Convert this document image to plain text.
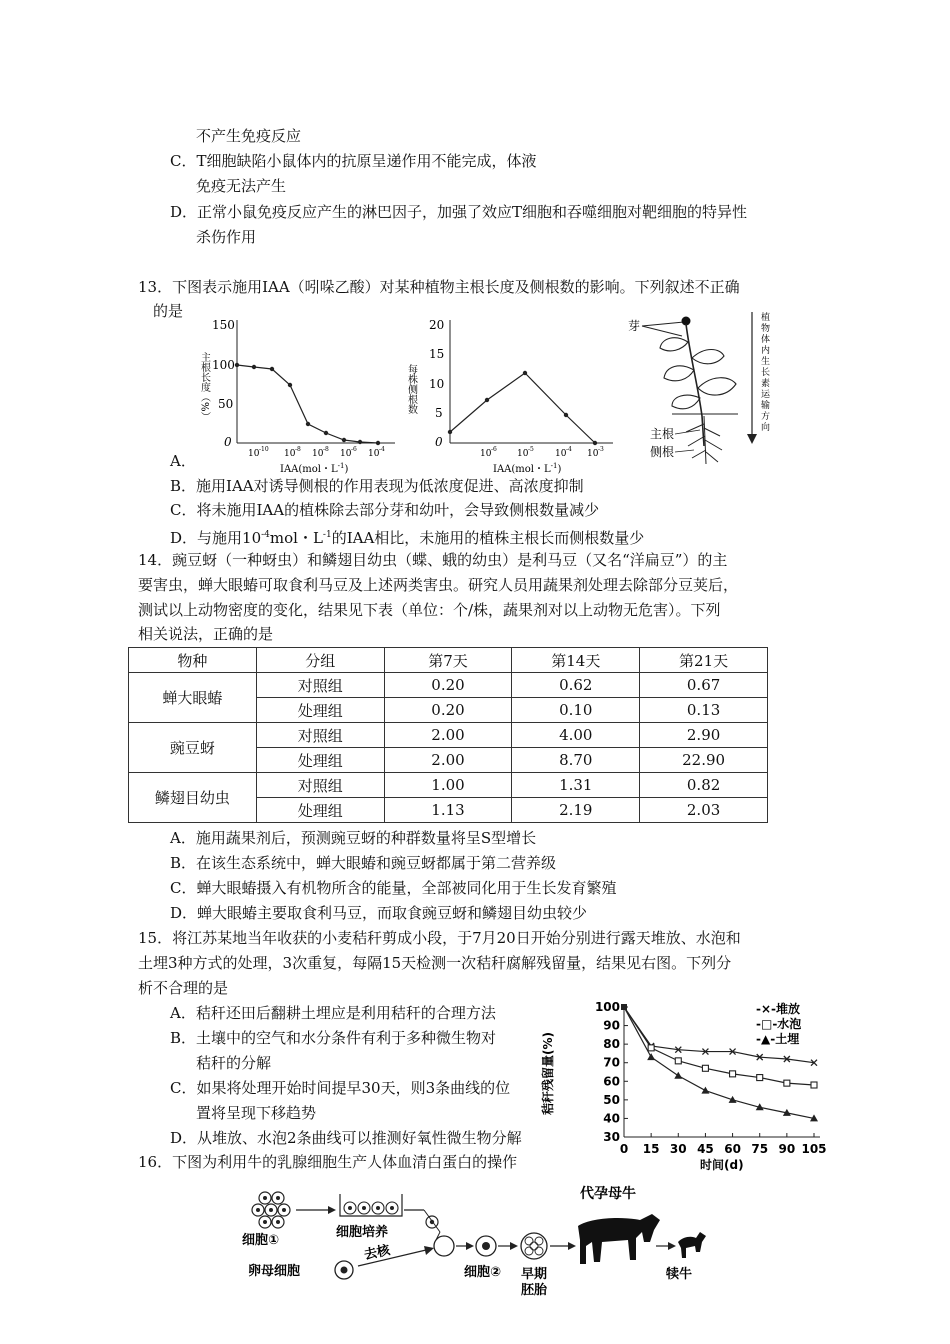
不产生免疫反应
C．T细胞缺陷小鼠体内的抗原呈递作用不能完成，体液
免疫无法产生
D．正常小鼠免疫反应产生的淋巴因子，加强了效应T细胞和吞噬细胞对靶细胞的特异性
杀伤作用
13．下图表示施用IAA（吲哚乙酸）对某种植物主根长度及侧根数的影响。下列叙述不正确
的是
主根长度（%）
150
100
50
0
10 -10 10 -8 10 -8 10 -6 10 -4
IAA(mol・$L^{-1}$)
每株侧根数
20
15
10
5
0
10 -6 10 -5 10 -4 10 -3
IAA(mol・$L^{-1}$)
芽
主根
侧根
植
物
体
内
生
长
素
运
输
方
向
A．
B．施用IAA对诱导侧根的作用表现为低浓度促进、高浓度抑制
C．将未施用IAA的植株除去部分芽和幼叶，会导致侧根数量减少
D．与施用$10^{-4}mol$・$L^{-1}$的IAA相比，未施用的植株主根长而侧根数量少
14．豌豆蚜（一种蚜虫）和鳞翅目幼虫（蝶、蛾的幼虫）是利马豆（又名“洋扁豆”）的主
要害虫，蝉大眼蝽可取食利马豆及上述两类害虫。研究人员用蔬果剂处理去除部分豆荚后，
测试以上动物密度的变化，结果见下表（单位：个/株，蔬果剂对以上动物无危害）。下列
相关说法，正确的是
物种	分组	第7天	第14天	第21天
蝉大眼蝽	对照组	0.20	0.62	0.67
	处理组	0.20	0.10	0.13
豌豆蚜	对照组	2.00	4.00	2.90
	处理组	2.00	8.70	22.90
鳞翅目幼虫	对照组	1.00	1.31	0.82
	处理组	1.13	2.19	2.03
A．施用蔬果剂后，预测豌豆蚜的种群数量将呈S型增长
B．在该生态系统中，蝉大眼蝽和豌豆蚜都属于第二营养级
C．蝉大眼蝽摄入有机物所含的能量，全部被同化用于生长发育繁殖
D．蝉大眼蝽主要取食利马豆，而取食豌豆蚜和鳞翅目幼虫较少
15．将江苏某地当年收获的小麦秸秆剪成小段，于7月20日开始分别进行露天堆放、水泡和
土埋3种方式的处理，3次重复，每隔15天检测一次秸秆腐解残留量，结果见右图。下列分
析不合理的是
A．秸秆还田后翻耕土埋应是利用秸秆的合理方法
B．土壤中的空气和水分条件有利于多种微生物对
秸秆的分解
C．如果将处理开始时间提早30天，则3条曲线的位
置将呈现下移趋势
D．从堆放、水泡2条曲线可以推测好氧性微生物分解
秸秆残留量(%)
100
90
80
70
60
50
40
30
0 15 30 45 60 75 90 105
时间(d)
-×-堆放
-□-水泡
-▲-土埋
16．下图为利用牛的乳腺细胞生产人体血清白蛋白的操作
细胞①
细胞培养
卵母细胞
去核
细胞② 早期
胚胎
代孕母牛
犊牛
